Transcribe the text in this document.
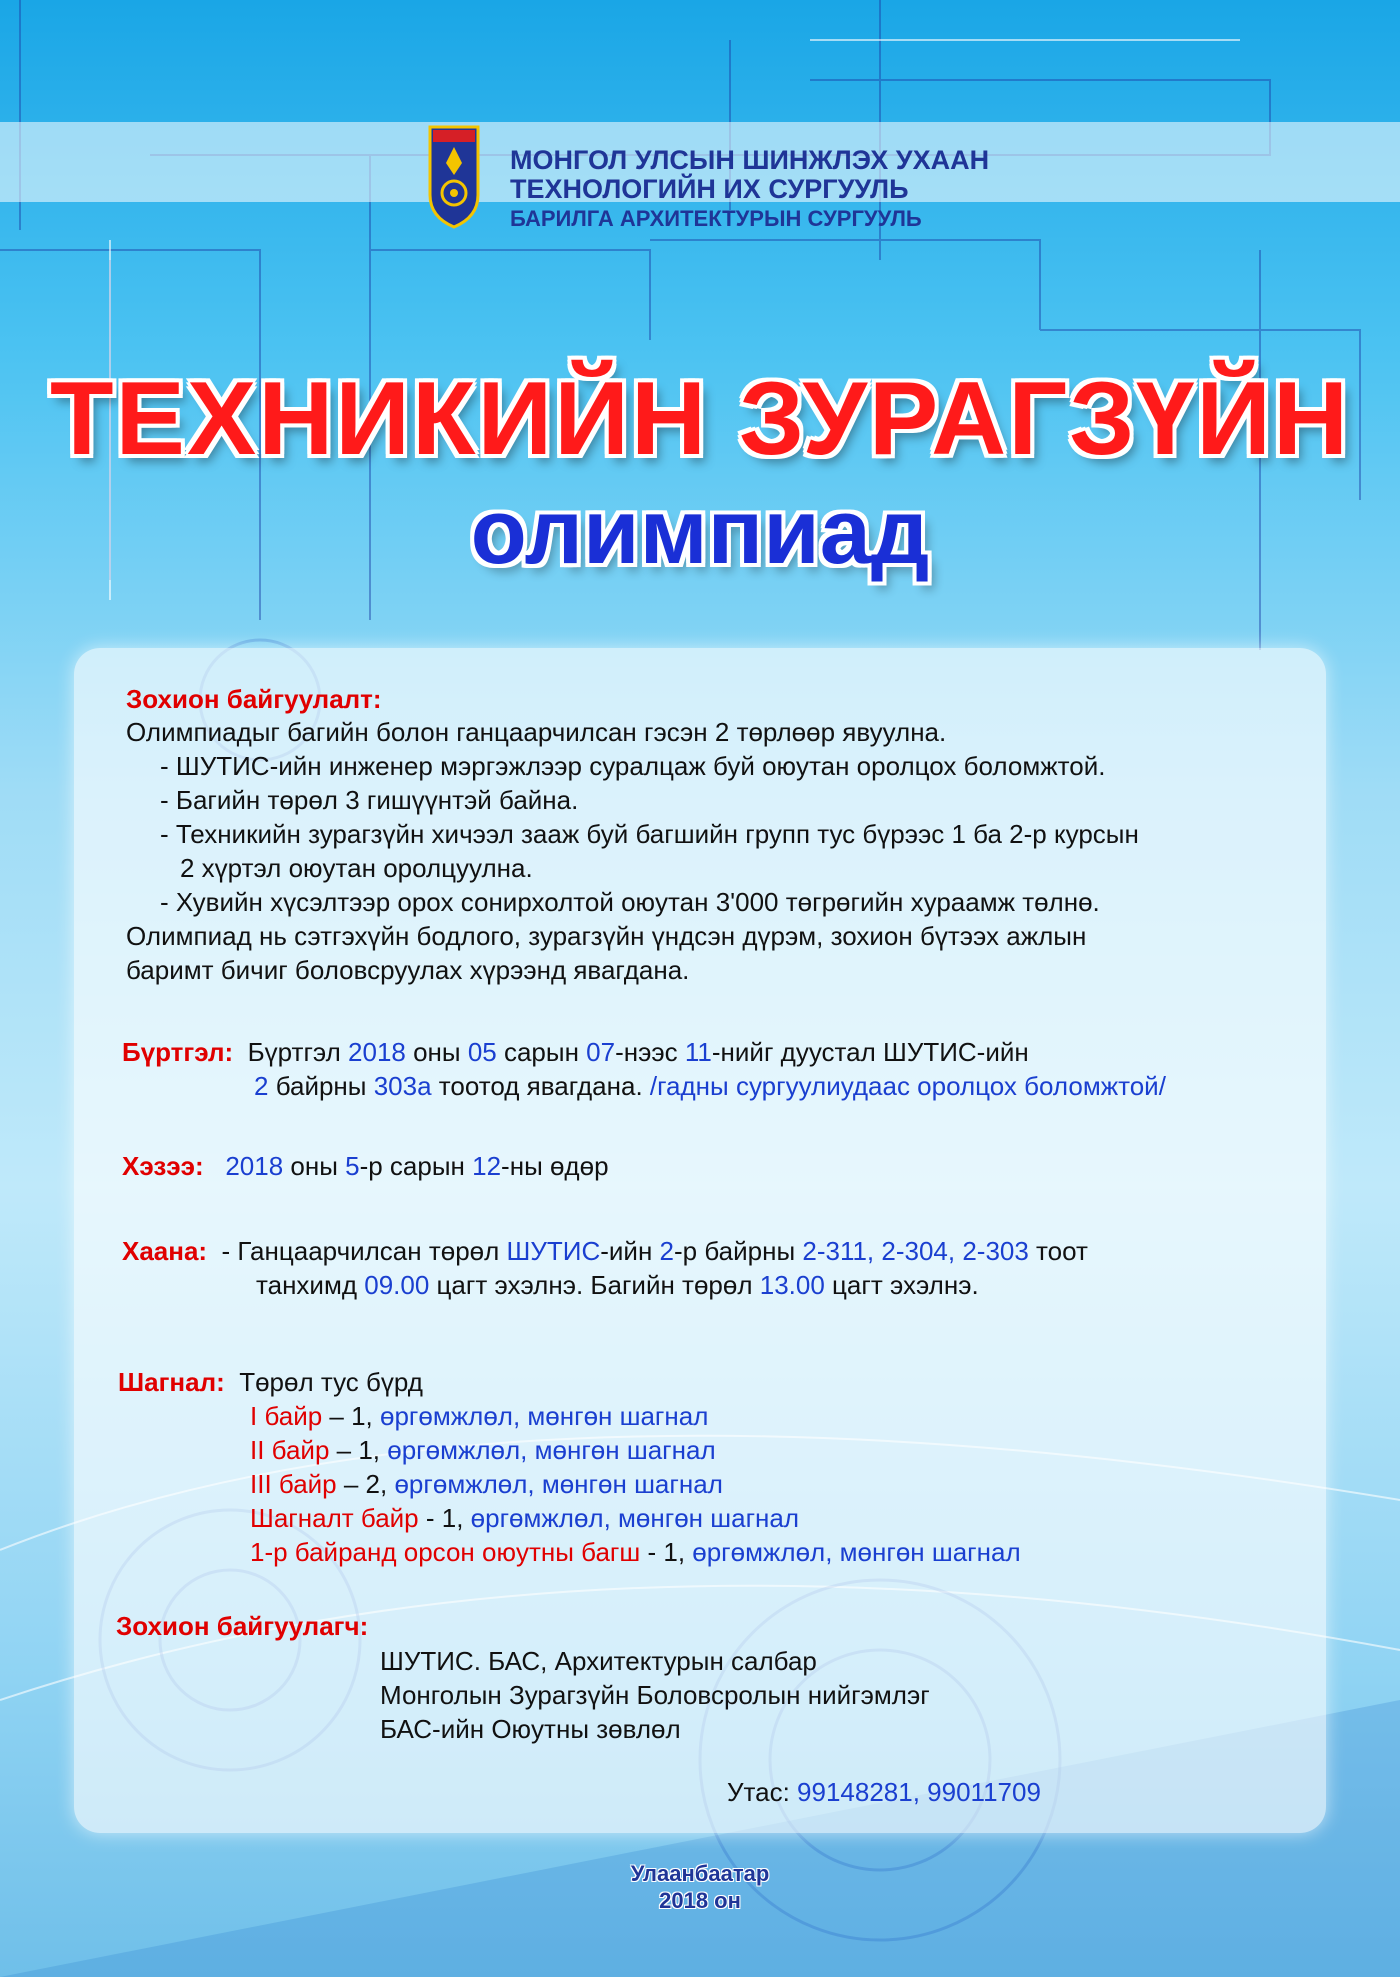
МОНГОЛ УЛСЫН ШИНЖЛЭХ УХААН
ТЕХНОЛОГИЙН ИХ СУРГУУЛЬ
БАРИЛГА АРХИТЕКТУРЫН СУРГУУЛЬ
ТЕХНИКИЙН ЗУРАГЗҮЙН
олимпиад
Зохион байгуулалт:
Олимпиадыг багийн болон ганцаарчилсан гэсэн 2 төрлөөр явуулна.
- ШУТИС-ийн инженер мэргэжлээр суралцаж буй оюутан оролцох боломжтой.
- Багийн төрөл 3 гишүүнтэй байна.
- Техникийн зурагзүйн хичээл зааж буй багшийн групп тус бүрээс 1 ба 2-р курсын
2 хүртэл оюутан оролцуулна.
- Хувийн хүсэлтээр орох сонирхолтой оюутан 3'000 төгрөгийн хураамж төлнө.
Олимпиад нь сэтгэхүйн бодлого, зурагзүйн үндсэн дүрэм, зохион бүтээх ажлын
баримт бичиг боловсруулах хүрээнд явагдана.
Бүртгэл: Бүртгэл 2018 оны 05 сарын 07-нээс 11-нийг дуустал ШУТИС-ийн
2 байрны 303а тоотод явагдана. /гадны сургуулиудаас оролцох боломжтой/
Хэзээ: 2018 оны 5-р сарын 12-ны өдөр
Хаана: - Ганцаарчилсан төрөл ШУТИС-ийн 2-р байрны 2-311, 2-304, 2-303 тоот
танхимд 09.00 цагт эхэлнэ. Багийн төрөл 13.00 цагт эхэлнэ.
Шагнал: Төрөл тус бүрд
I байр – 1, өргөмжлөл, мөнгөн шагнал
II байр – 1, өргөмжлөл, мөнгөн шагнал
III байр – 2, өргөмжлөл, мөнгөн шагнал
Шагналт байр - 1, өргөмжлөл, мөнгөн шагнал
1-р байранд орсон оюутны багш - 1, өргөмжлөл, мөнгөн шагнал
Зохион байгуулагч:
ШУТИС. БАС, Архитектурын салбар
Монголын Зурагзүйн Боловсролын нийгэмлэг
БАС-ийн Оюутны зөвлөл
Утас: 99148281, 99011709
Улаанбаатар
2018 он
